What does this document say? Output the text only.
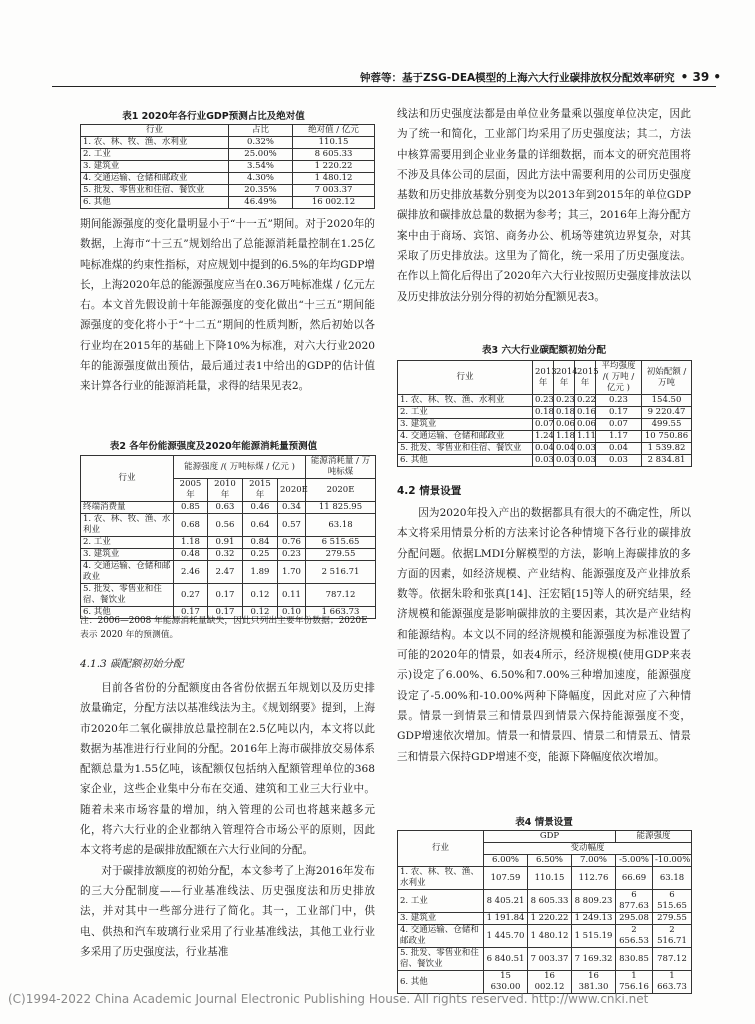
钟蓉等：基于ZSG-DEA模型的上海六大行业碳排放权分配效率研究 • 39 •
表1 2020年各行业GDP预测占比及绝对值
行业	占比	绝对值 / 亿元
1. 农、林、牧、渔、水利业	0.32%	110.15
2. 工业	25.00%	8 605.33
3. 建筑业	3.54%	1 220.22
4. 交通运输、仓储和邮政业	4.30%	1 480.12
5. 批发、零售业和住宿、餐饮业	20.35%	7 003.37
6. 其他	46.49%	16 002.12

期间能源强度的变化量明显小于“十一五”期间。对于2020年的数据，上海市“十三五”规划给出了总能源消耗量控制在1.25亿吨标准煤的约束性指标，对应规划中提到的6.5%的年均GDP增长，上海2020年总的能源强度应当在0.36万吨标准煤 / 亿元左右。本文首先假设前十年能源强度的变化做出“十三五”期间能源强度的变化将小于“十二五”期间的性质判断，然后初始以各行业均在2015年的基础上下降10%为标准，对六大行业2020年的能源强度做出预估，最后通过表1中给出的GDP的估计值来计算各行业的能源消耗量，求得的结果见表2。

表2 各年份能源强度及2020年能源消耗量预测值
行业	能源强度 /( 万吨标煤 / 亿元 )				能源消耗量 / 万吨标煤
	2005 年	2010 年	2015 年	2020E	2020E
终端消费量	0.85	0.63	0.46	0.34	11 825.95
1. 农、林、牧、渔、水利业	0.68	0.56	0.64	0.57	63.18
2. 工业	1.18	0.91	0.84	0.76	6 515.65
3. 建筑业	0.48	0.32	0.25	0.23	279.55
4. 交通运输、仓储和邮政业	2.46	2.47	1.89	1.70	2 516.71
5. 批发、零售业和住宿、餐饮业	0.27	0.17	0.12	0.11	787.12
6. 其他	0.17	0.17	0.12	0.10	1 663.73
注：2006—2008 年能源消耗量缺失，因此只列出主要年份数据；2020E 表示 2020 年的预测值。
4.1.3 碳配额初始分配

目前各省份的分配额度由各省份依据五年规划以及历史排放量确定，分配方法以基准线法为主。《规划纲要》提到，上海市2020年二氧化碳排放总量控制在2.5亿吨以内，本文将以此数据为基准进行行业间的分配。2016年上海市碳排放交易体系配额总量为1.55亿吨，该配额仅包括纳入配额管理单位的368家企业，这些企业集中分布在交通、建筑和工业三大行业中。随着未来市场容量的增加，纳入管理的公司也将越来越多元化，将六大行业的企业都纳入管理符合市场公平的原则，因此本文将考虑的是碳排放配额在六大行业间的分配。

对于碳排放额度的初始分配，本文参考了上海2016年发布的三大分配制度——行业基准线法、历史强度法和历史排放法，并对其中一些部分进行了简化。其一，工业部门中，供电、供热和汽车玻璃行业采用了行业基准线法，其他工业行业多采用了历史强度法，行业基准

线法和历史强度法都是由单位业务量乘以强度单位决定，因此为了统一和简化，工业部门均采用了历史强度法；其二，方法中核算需要用到企业业务量的详细数据，而本文的研究范围将不涉及具体公司的层面，因此方法中需要利用的公司历史强度基数和历史排放基数分别变为以2013年到2015年的单位GDP碳排放和碳排放总量的数据为参考；其三，2016年上海分配方案中由于商场、宾馆、商务办公、机场等建筑边界复杂，对其采取了历史排放法。这里为了简化，统一采用了历史强度法。在作以上简化后得出了2020年六大行业按照历史强度排放法以及历史排放法分别分得的初始分配额见表3。

表3 六大行业碳配额初始分配
行业	2013 年	2014 年	2015 年	平均强度 /( 万吨 / 亿元 )	初始配额 / 万吨
1. 农、林、牧、渔、水利业	0.23	0.23	0.22	0.23	154.50
2. 工业	0.18	0.18	0.16	0.17	9 220.47
3. 建筑业	0.07	0.06	0.06	0.07	499.55
4. 交通运输、仓储和邮政业	1.24	1.18	1.11	1.17	10 750.86
5. 批发、零售业和住宿、餐饮业	0.04	0.04	0.03	0.04	1 539.82
6. 其他	0.03	0.03	0.03	0.03	2 834.81
4.2 情景设置

因为2020年投入产出的数据都具有很大的不确定性，所以本文将采用情景分析的方法来讨论各种情境下各行业的碳排放分配问题。依据LMDI分解模型的方法，影响上海碳排放的多方面的因素，如经济规模、产业结构、能源强度及产业排放系数等。依据朱聆和张真[14]、汪宏韬[15]等人的研究结果，经济规模和能源强度是影响碳排放的主要因素，其次是产业结构和能源结构。本文以不同的经济规模和能源强度为标准设置了可能的2020年的情景，如表4所示，经济规模(使用GDP来表示)设定了6.00%、6.50%和7.00%三种增加速度，能源强度设定了-5.00%和-10.00%两种下降幅度，因此对应了六种情景。情景一到情景三和情景四到情景六保持能源强度不变，GDP增速依次增加。情景一和情景四、情景二和情景五、情景三和情景六保持GDP增速不变，能源下降幅度依次增加。

表4 情景设置
行业	GDP			能源强度	
	变动幅度				
	6.00%	6.50%	7.00%	-5.00%	-10.00%
1. 农、林、牧、渔、水利业	107.59	110.15	112.76	66.69	63.18
2. 工业	8 405.21	8 605.33	8 809.23	6 877.63	6 515.65
3. 建筑业	1 191.84	1 220.22	1 249.13	295.08	279.55
4. 交通运输、仓储和邮政业	1 445.70	1 480.12	1 515.19	2 656.53	2 516.71
5. 批发、零售业和住宿、餐饮业	6 840.51	7 003.37	7 169.32	830.85	787.12
6. 其他	15 630.00	16 002.12	16 381.30	1 756.16	1 663.73
(C)1994-2022 China Academic Journal Electronic Publishing House. All rights reserved. http://www.cnki.net
